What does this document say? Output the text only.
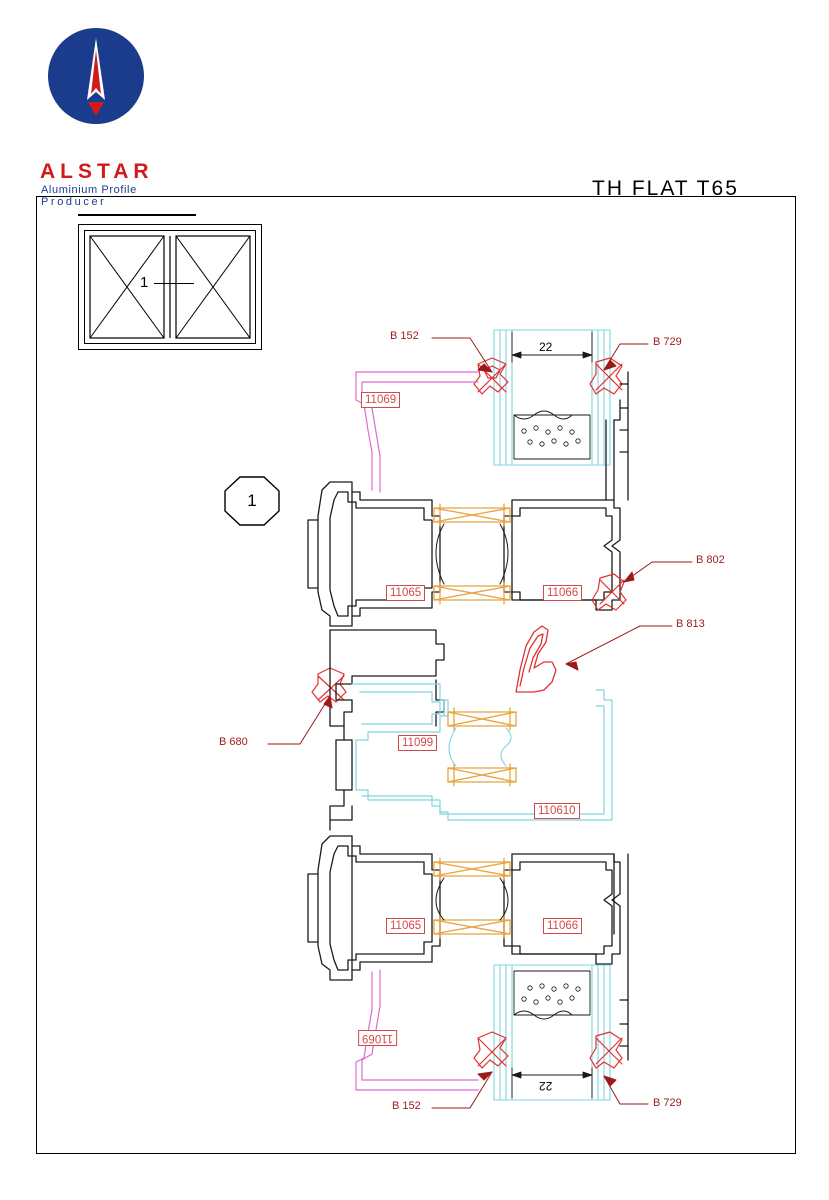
ALSTAR
Aluminium Profile
Producer
TH FLAT T65
1
1
B 152	B 729
B 802
B 813
B 680
B 152	B 729
11069
11065	11066
11099
110610
11065	11066
11069
22
22
